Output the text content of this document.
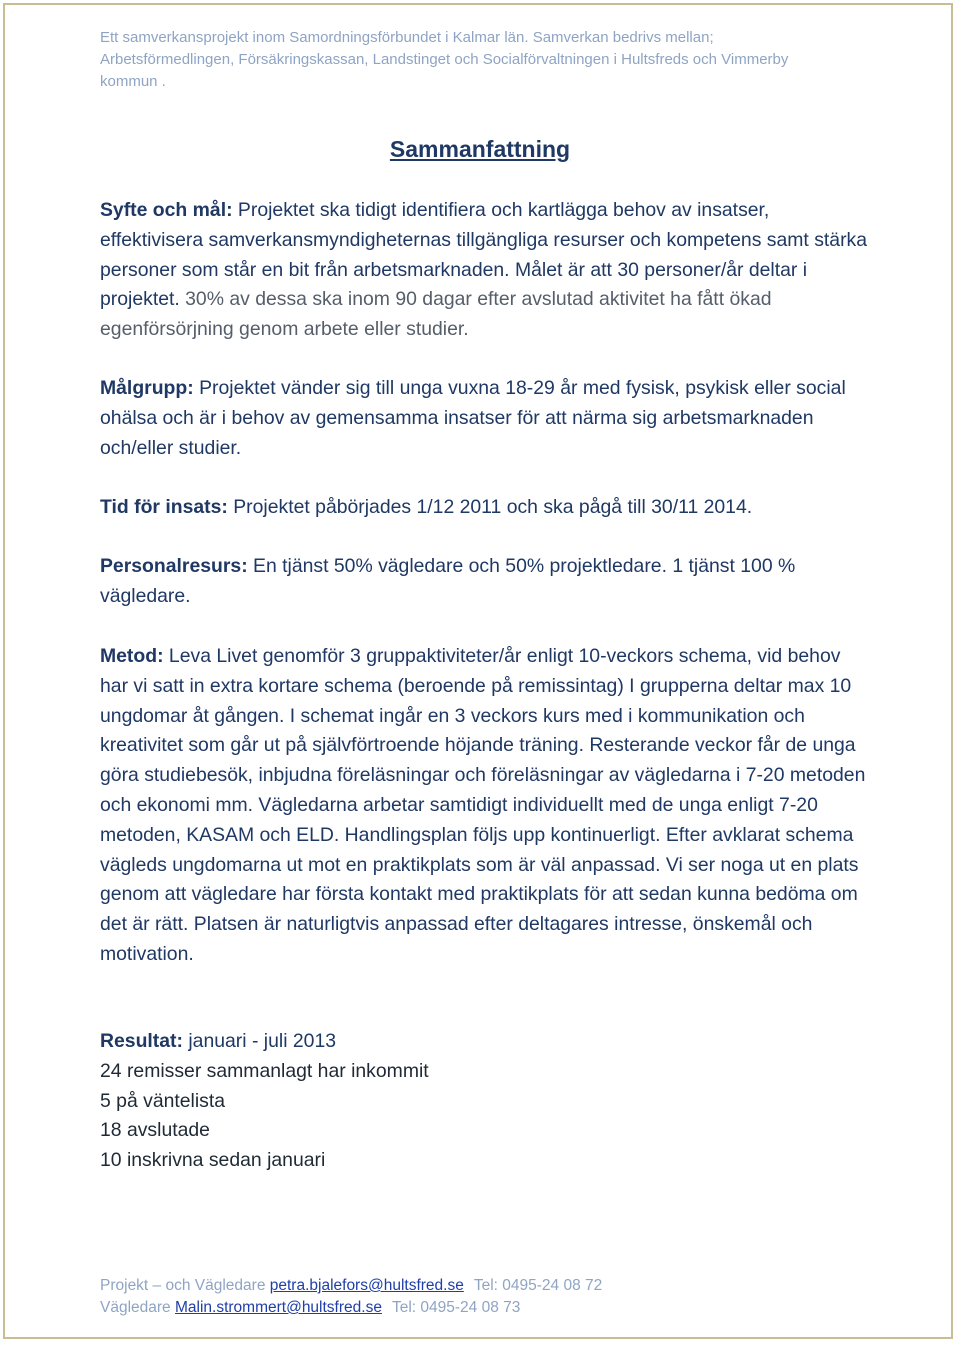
Ett samverkansprojekt inom Samordningsförbundet i Kalmar län. Samverkan bedrivs mellan;

Arbetsförmedlingen, Försäkringskassan, Landstinget och Socialförvaltningen i Hultsfreds och Vimmerby

kommun .

Sammanfattning

Syfte och mål: Projektet ska tidigt identifiera och kartlägga behov av insatser, effektivisera samverkansmyndigheternas tillgängliga resurser och kompetens samt stärka personer som står en bit från arbetsmarknaden. Målet är att 30 personer/år deltar i projektet. 30% av dessa ska inom 90 dagar efter avslutad aktivitet ha fått ökad egenförsörjning genom arbete eller studier.

Målgrupp: Projektet vänder sig till unga vuxna 18-29 år med fysisk, psykisk eller social ohälsa och är i behov av gemensamma insatser för att närma sig arbetsmarknaden och/eller studier.

Tid för insats: Projektet påbörjades 1/12 2011 och ska pågå till 30/11 2014.

Personalresurs: En tjänst 50% vägledare och 50% projektledare. 1 tjänst 100 % vägledare.

Metod: Leva Livet genomför 3 gruppaktiviteter/år enligt 10-veckors schema, vid behov har vi satt in extra kortare schema (beroende på remissintag) I grupperna deltar max 10 ungdomar åt gången. I schemat ingår en 3 veckors kurs med i kommunikation och kreativitet som går ut på självförtroende höjande träning. Resterande veckor får de unga göra studiebesök, inbjudna föreläsningar och föreläsningar av vägledarna i 7-20 metoden och ekonomi mm. Vägledarna arbetar samtidigt individuellt med de unga enligt 7-20 metoden, KASAM och ELD. Handlingsplan följs upp kontinuerligt. Efter avklarat schema vägleds ungdomarna ut mot en praktikplats som är väl anpassad. Vi ser noga ut en plats genom att vägledare har första kontakt med praktikplats för att sedan kunna bedöma om det är rätt. Platsen är naturligtvis anpassad efter deltagares intresse, önskemål och motivation.

Resultat: januari - juli 2013

24 remisser sammanlagt har inkommit

5 på väntelista

18 avslutade

10 inskrivna sedan januari

Projekt – och Vägledare petra.bjalefors@hultsfred.se Tel: 0495-24 08 72

Vägledare Malin.strommert@hultsfred.se Tel: 0495-24 08 73
